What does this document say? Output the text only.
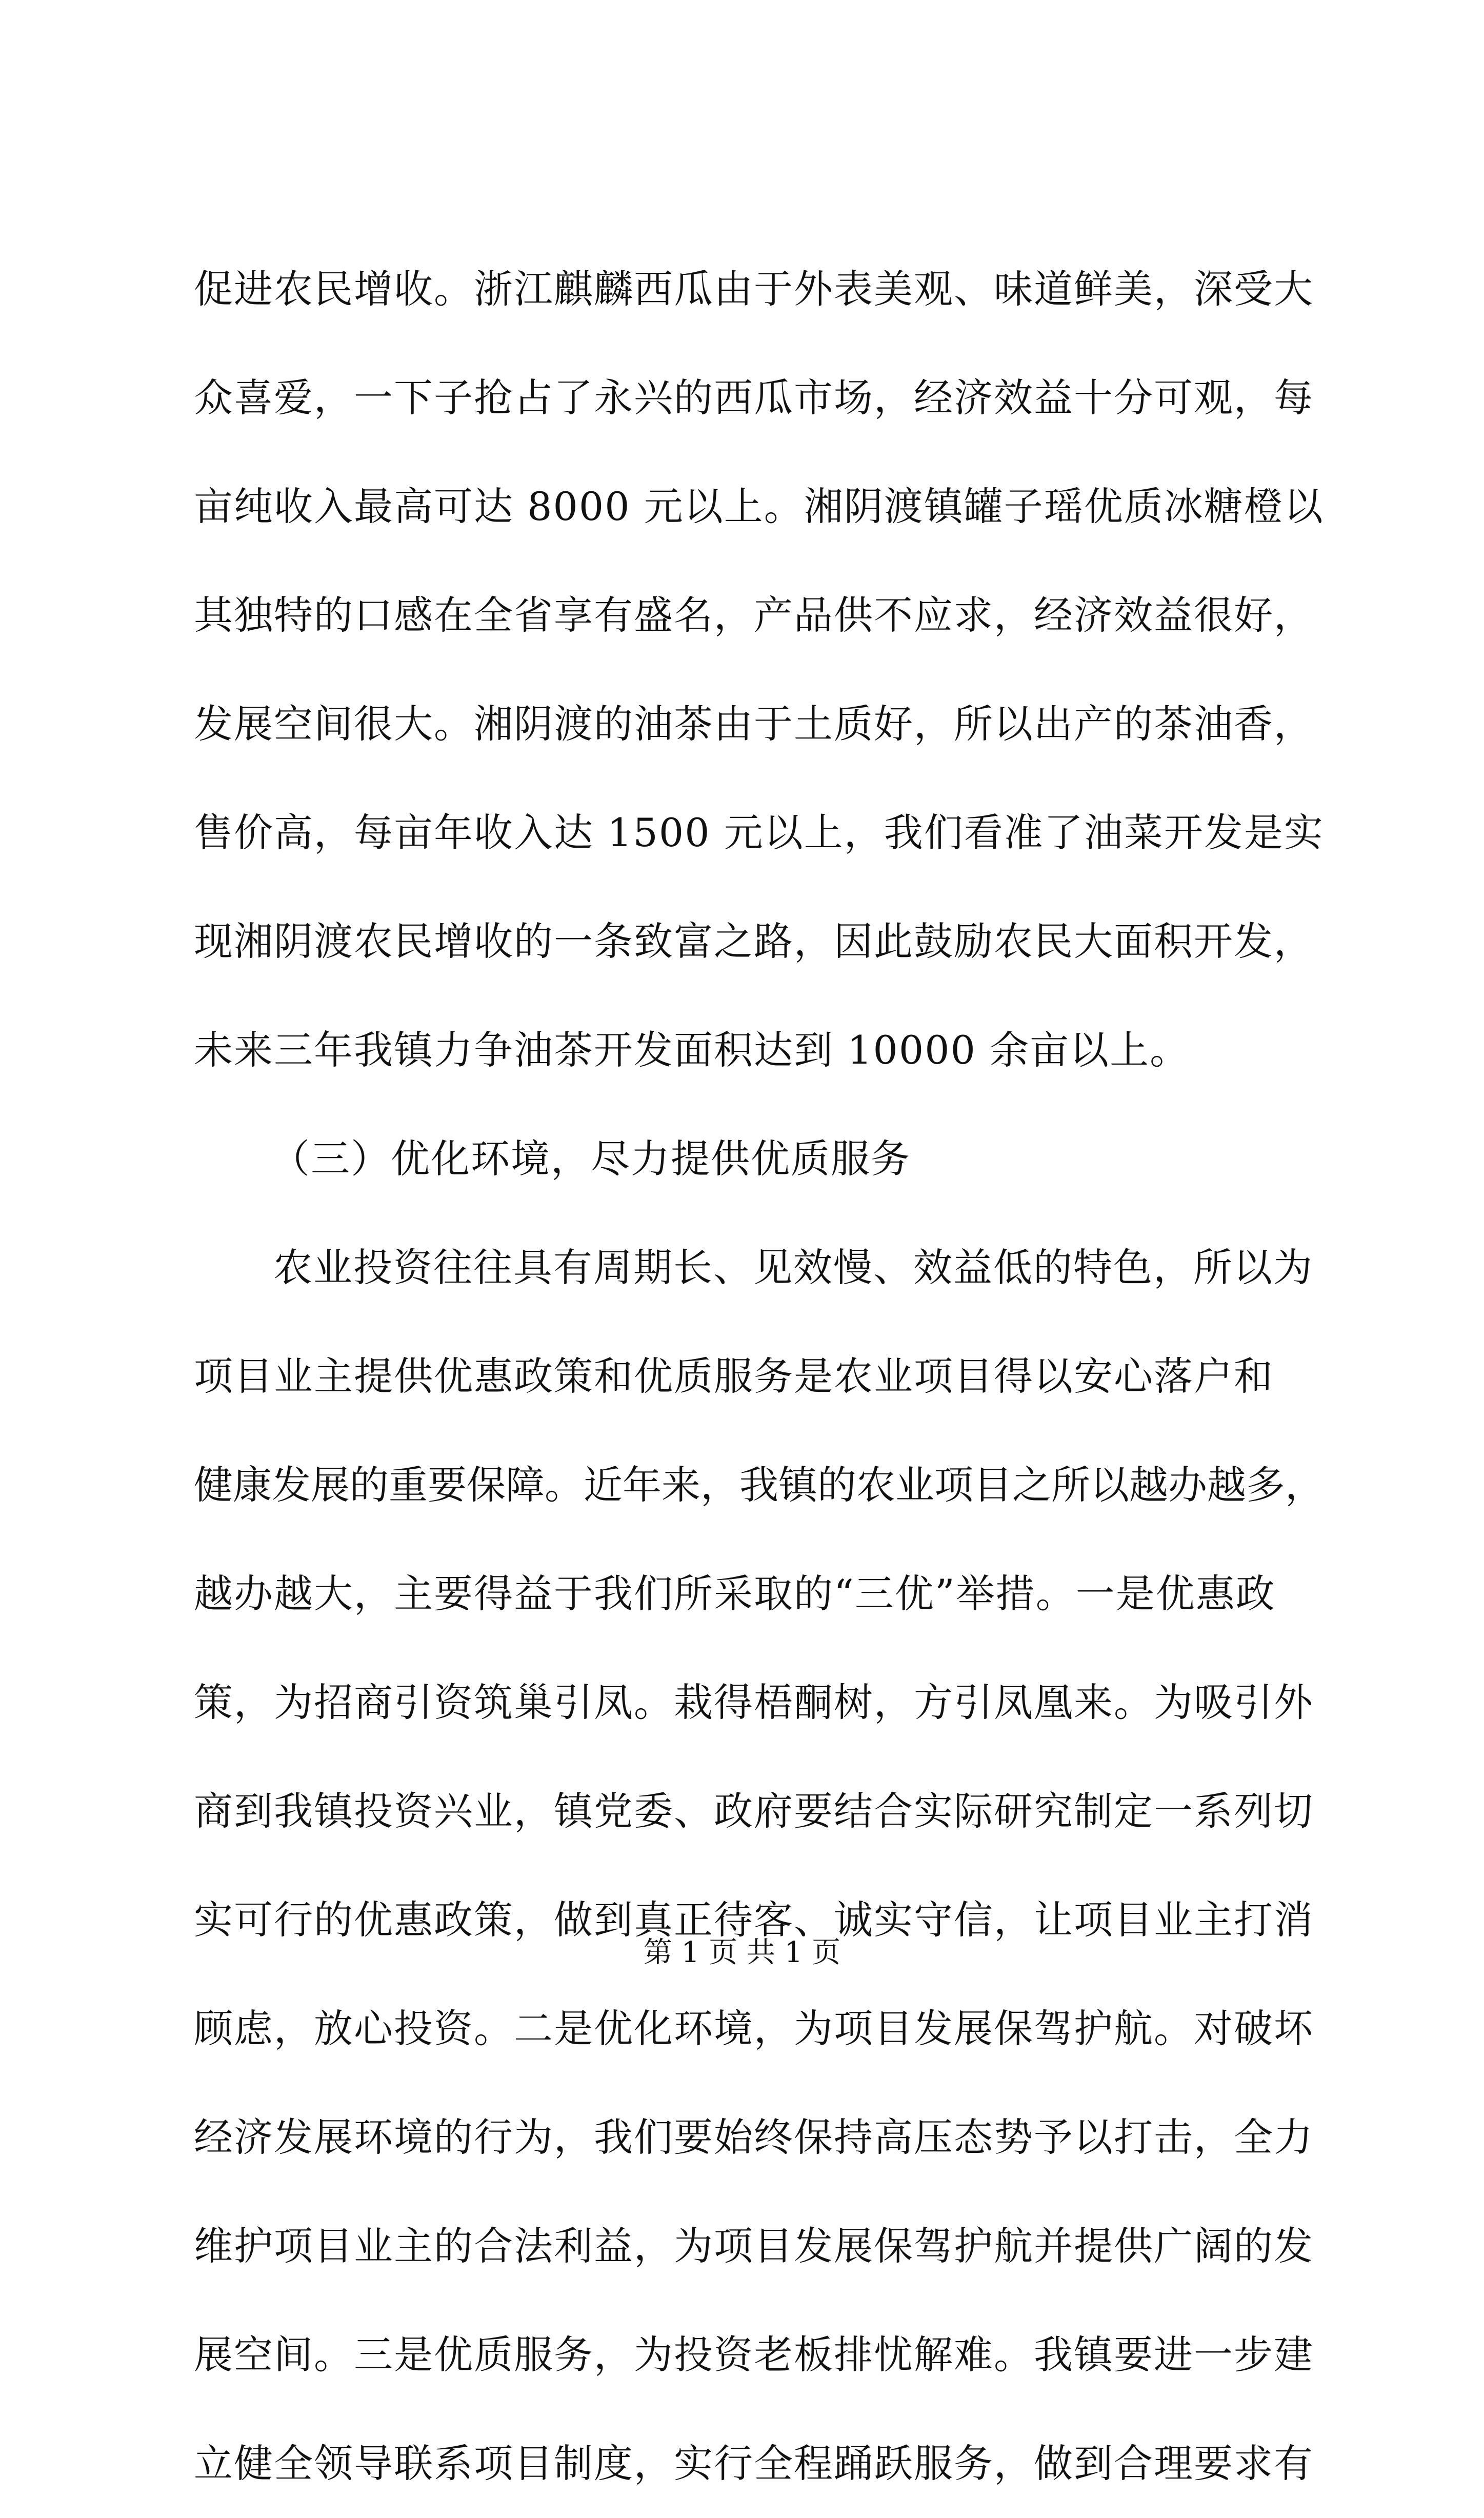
促进农民增收。浙江麒麟西瓜由于外表美观、味道鲜美，深受大
众喜爱，一下子抢占了永兴的西瓜市场，经济效益十分可观，每
亩纯收入最高可达 8000 元以上。湘阴渡镇罐子瑶优质冰糖橙以
其独特的口感在全省享有盛名，产品供不应求，经济效益很好，
发展空间很大。湘阴渡的油茶由于土质好，所以出产的茶油香，
售价高，每亩年收入达 1500 元以上，我们看准了油菜开发是实
现湘阴渡农民增收的一条致富之路，因此鼓励农民大面积开发，
未来三年我镇力争油茶开发面积达到 10000 余亩以上。
（三）优化环境，尽力提供优质服务
农业投资往往具有周期长、见效慢、效益低的特色，所以为
项目业主提供优惠政策和优质服务是农业项目得以安心落户和
健康发展的重要保障。近年来，我镇的农业项目之所以越办越多，
越办越大，主要得益于我们所采取的“三优”举措。一是优惠政
策，为招商引资筑巢引凤。栽得梧酮树，方引凤凰来。为吸引外
商到我镇投资兴业，镇党委、政府要结合实际研究制定一系列切
实可行的优惠政策，做到真正待客、诚实守信，让项目业主打消
顾虑，放心投资。二是优化环境，为项目发展保驾护航。对破坏
经济发展环境的行为，我们要始终保持高压态势予以打击，全力
维护项目业主的合法利益，为项目发展保驾护航并提供广阔的发
展空间。三是优质服务，为投资老板排忧解难。我镇要进一步建
立健全领导联系项目制度，实行全程踊跃服务，做到合理要求有
第 1 页 共 1 页
